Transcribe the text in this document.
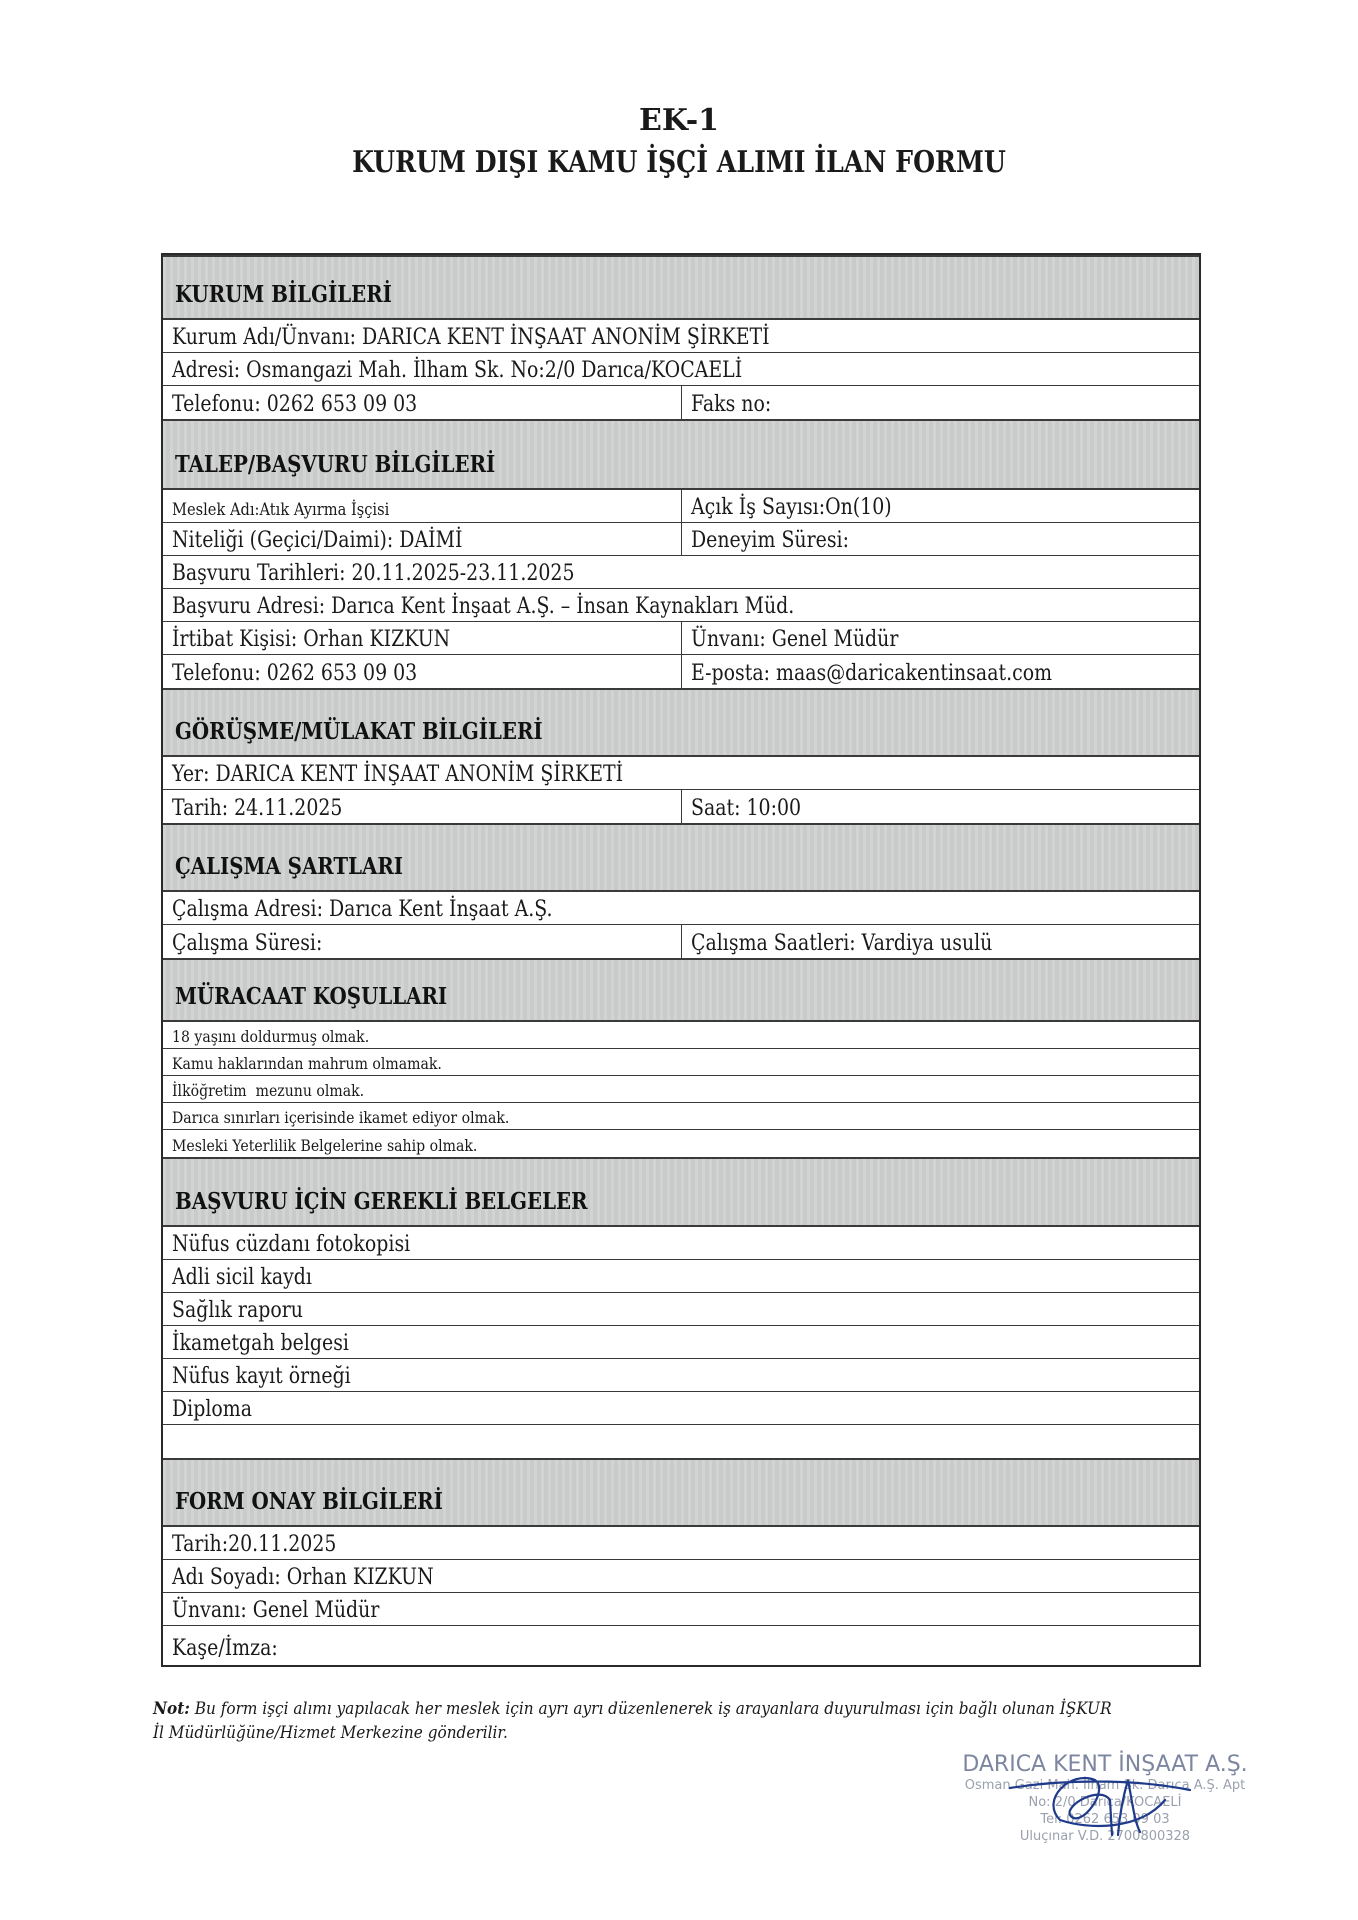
EK-1
KURUM DIŞI KAMU İŞÇİ ALIMI İLAN FORMU
KURUM BİLGİLERİ
Kurum Adı/Ünvanı: DARICA KENT İNŞAAT ANONİM ŞİRKETİ
Adresi: Osmangazi Mah. İlham Sk. No:2/0 Darıca/KOCAELİ
Telefonu: 0262 653 09 03	Faks no:
TALEP/BAŞVURU BİLGİLERİ
Meslek Adı:Atık Ayırma İşçisi	Açık İş Sayısı:On(10)
Niteliği (Geçici/Daimi): DAİMİ	Deneyim Süresi:
Başvuru Tarihleri: 20.11.2025-23.11.2025
Başvuru Adresi: Darıca Kent İnşaat A.Ş. – İnsan Kaynakları Müd.
İrtibat Kişisi: Orhan KIZKUN	Ünvanı: Genel Müdür
Telefonu: 0262 653 09 03	E-posta: maas@daricakentinsaat.com
GÖRÜŞME/MÜLAKAT BİLGİLERİ
Yer: DARICA KENT İNŞAAT ANONİM ŞİRKETİ
Tarih: 24.11.2025	Saat: 10:00
ÇALIŞMA ŞARTLARI
Çalışma Adresi: Darıca Kent İnşaat A.Ş.
Çalışma Süresi:	Çalışma Saatleri: Vardiya usulü
MÜRACAAT KOŞULLARI
18 yaşını doldurmuş olmak.
Kamu haklarından mahrum olmamak.
İlköğretim  mezunu olmak.
Darıca sınırları içerisinde ikamet ediyor olmak.
Mesleki Yeterlilik Belgelerine sahip olmak.
BAŞVURU İÇİN GEREKLİ BELGELER
Nüfus cüzdanı fotokopisi
Adli sicil kaydı
Sağlık raporu
İkametgah belgesi
Nüfus kayıt örneği
Diploma
FORM ONAY BİLGİLERİ
Tarih:20.11.2025
Adı Soyadı: Orhan KIZKUN
Ünvanı: Genel Müdür
Kaşe/İmza:
Not: Bu form işçi alımı yapılacak her meslek için ayrı ayrı düzenlenerek iş arayanlara duyurulması için bağlı olunan İŞKUR İl Müdürlüğüne/Hizmet Merkezine gönderilir.
DARICA KENT İNŞAAT A.Ş.
Osman Gazi Mah. İlham Sk. Darıca A.Ş. Apt
No: 2/0 Darıca/KOCAELİ
Tel: 0262 653 09 03
Uluçınar V.D. 2700800328
